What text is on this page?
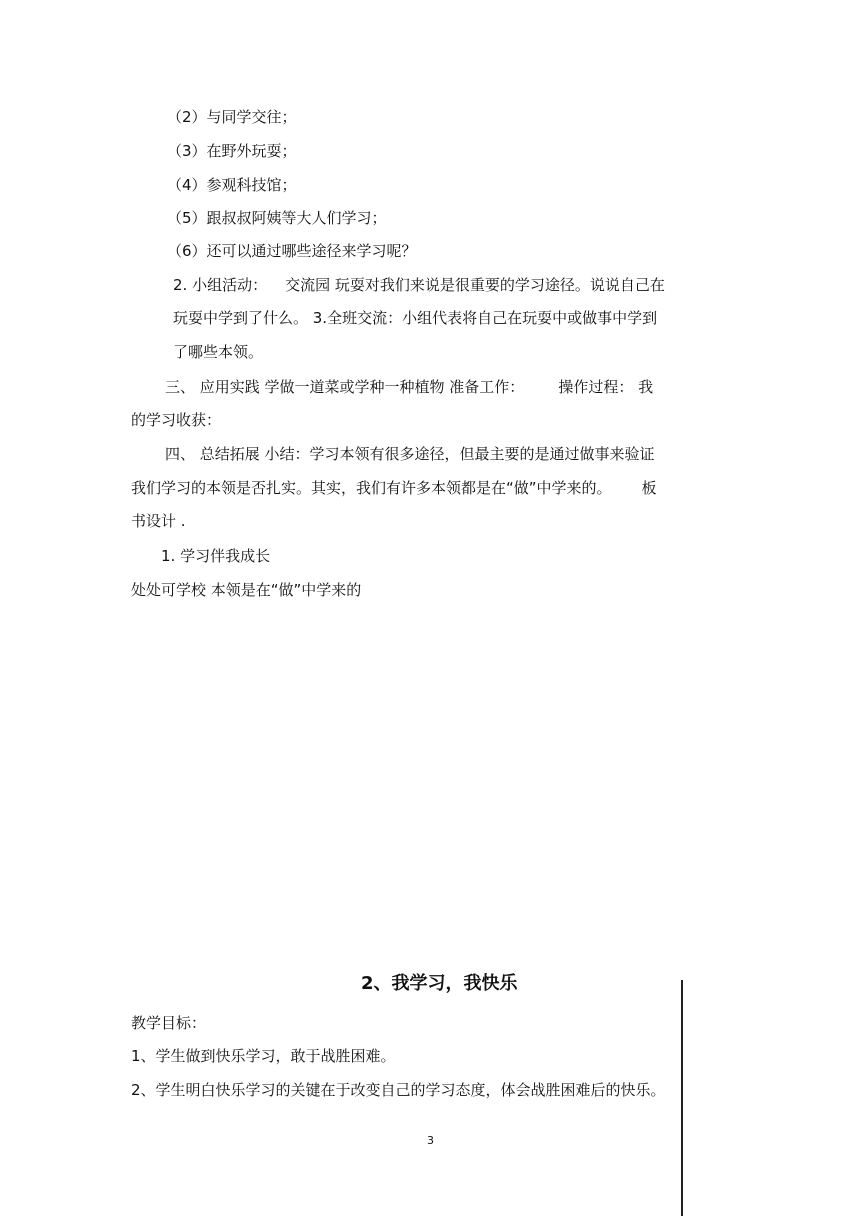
（2）与同学交往；
（3）在野外玩耍；
（4）参观科技馆；
（5）跟叔叔阿姨等大人们学习；
（6）还可以通过哪些途径来学习呢？
2. 小组活动： 交流园 玩耍对我们来说是很重要的学习途径。说说自己在
玩耍中学到了什么。 3.全班交流：小组代表将自己在玩耍中或做事中学到
了哪些本领。
三、 应用实践 学做一道菜或学种一种植物 准备工作： 操作过程： 我
的学习收获：
四、 总结拓展 小结：学习本领有很多途径，但最主要的是通过做事来验证
我们学习的本领是否扎实。其实，我们有许多本领都是在“做”中学来的。 板
书设计 .
1. 学习伴我成长
处处可学校 本领是在“做”中学来的
2、我学习，我快乐
教学目标：
1、学生做到快乐学习，敢于战胜困难。
2、学生明白快乐学习的关键在于改变自己的学习态度，体会战胜困难后的快乐。
3
